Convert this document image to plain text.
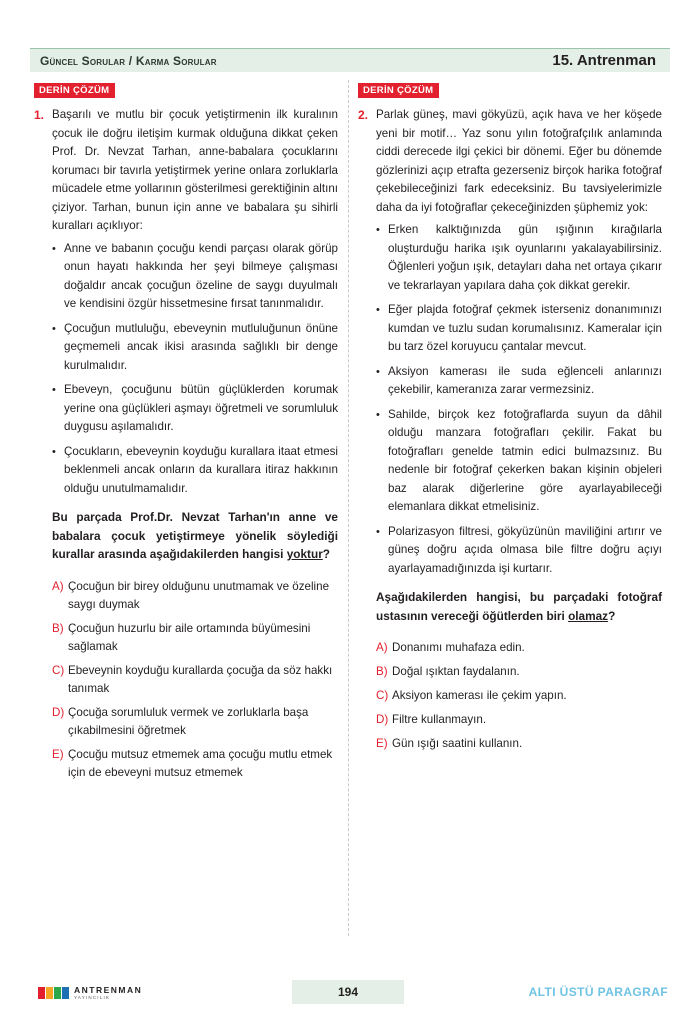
Güncel Sorular / Karma Sorular	15. Antrenman
DERİN ÇÖZÜM
1. Başarılı ve mutlu bir çocuk yetiştirmenin ilk kuralının çocuk ile doğru iletişim kurmak olduğuna dikkat çeken Prof. Dr. Nevzat Tarhan, anne-babalara çocuklarını korumacı bir tavırla yetiştirmek yerine onlara zorluklarla mücadele etme yollarının gösterilmesi gerektiğinin altını çiziyor. Tarhan, bunun için anne ve babalara şu sihirli kuralları açıklıyor:

• Anne ve babanın çocuğu kendi parçası olarak görüp onun hayatı hakkında her şeyi bilmeye çalışması doğaldır ancak çocuğun özeline de saygı duyulmalı ve kendisini özgür hissetmesine fırsat tanınmalıdır.
• Çocuğun mutluluğu, ebeveynin mutluluğunun önüne geçmemeli ancak ikisi arasında sağlıklı bir denge kurulmalıdır.
• Ebeveyn, çocuğunu bütün güçlüklerden korumak yerine ona güçlükleri aşmayı öğretmeli ve sorumluluk duygusu aşılamalıdır.
• Çocukların, ebeveynin koyduğu kurallara itaat etmesi beklenmeli ancak onların da kurallara itiraz hakkının olduğu unutulmamalıdır.

Bu parçada Prof.Dr. Nevzat Tarhan'ın anne ve babalara çocuk yetiştirmeye yönelik söylediği kurallar arasında aşağıdakilerden hangisi yoktur?

A) Çocuğun bir birey olduğunu unutmamak ve özeline saygı duymak
B) Çocuğun huzurlu bir aile ortamında büyümesini sağlamak
C) Ebeveynin koyduğu kurallarda çocuğa da söz hakkı tanımak
D) Çocuğa sorumluluk vermek ve zorluklarla başa çıkabilmesini öğretmek
E) Çocuğu mutsuz etmemek ama çocuğu mutlu etmek için de ebeveyni mutsuz etmemek
DERİN ÇÖZÜM
2. Parlak güneş, mavi gökyüzü, açık hava ve her köşede yeni bir motif… Yaz sonu yılın fotoğrafçılık anlamında ciddi derecede ilgi çekici bir dönemi. Eğer bu dönemde gözlerinizi açıp etrafta gezerseniz birçok harika fotoğraf çekebileceğinizi fark edeceksiniz. Bu tavsiyelerimizle daha da iyi fotoğraflar çekeceğinizden şüphemiz yok:

• Erken kalktığınızda gün ışığının kırağılarla oluşturduğu harika ışık oyunlarını yakalayabilirsiniz. Öğlenleri yoğun ışık, detayları daha net ortaya çıkarır ve tekrarlayan yapılara daha çok dikkat gerekir.
• Eğer plajda fotoğraf çekmek isterseniz donanımınızı kumdan ve tuzlu sudan korumalısınız. Kameralar için bu tarz özel koruyucu çantalar mevcut.
• Aksiyon kamerası ile suda eğlenceli anlarınızı çekebilir, kameranıza zarar vermezsiniz.
• Sahilde, birçok kez fotoğraflarda suyun da dâhil olduğu manzara fotoğrafları çekilir. Fakat bu fotoğrafları genelde tatmin edici bulmazsınız. Bu nedenle bir fotoğraf çekerken bakan kişinin objeleri baz alarak diğerlerine göre ayarlayabileceği elemanlara dikkat etmelisiniz.
• Polarizasyon filtresi, gökyüzünün maviliğini artırır ve güneş doğru açıda olmasa bile filtre doğru açıyı ayarlayamadığınızda işi kurtarır.

Aşağıdakilerden hangisi, bu parçadaki fotoğraf ustasının vereceği öğütlerden biri olamaz?

A) Donanımı muhafaza edin.
B) Doğal ışıktan faydalanın.
C) Aksiyon kamerası ile çekim yapın.
D) Filtre kullanmayın.
E) Gün ışığı saatini kullanın.
ANTRENMAN
YAYINCILIK	194	ALTI ÜSTÜ PARAGRAF
